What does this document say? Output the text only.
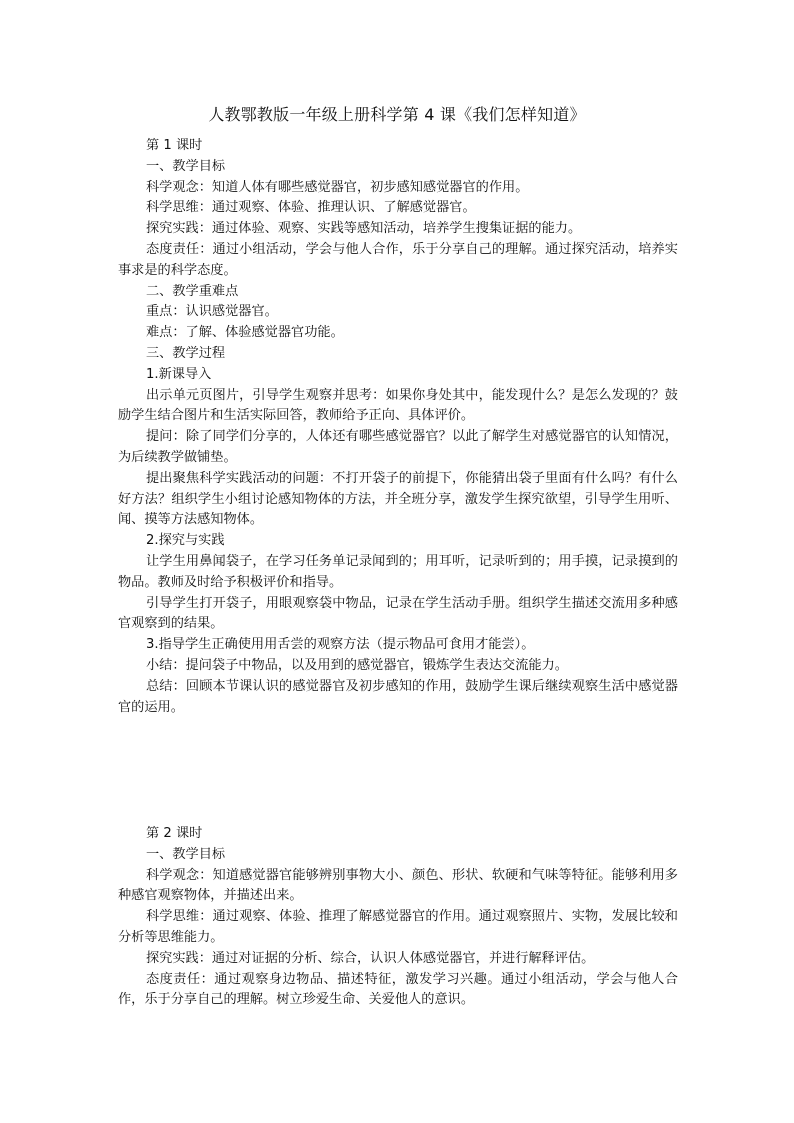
人教鄂教版一年级上册科学第 4 课《我们怎样知道》

第 1 课时

一、教学目标

科学观念：知道人体有哪些感觉器官，初步感知感觉器官的作用。

科学思维：通过观察、体验、推理认识、了解感觉器官。

探究实践：通过体验、观察、实践等感知活动，培养学生搜集证据的能力。

态度责任：通过小组活动，学会与他人合作，乐于分享自己的理解。通过探究活动，培养实事求是的科学态度。

二、教学重难点

重点：认识感觉器官。

难点：了解、体验感觉器官功能。

三、教学过程

1.新课导入

出示单元页图片，引导学生观察并思考：如果你身处其中，能发现什么？是怎么发现的？鼓励学生结合图片和生活实际回答，教师给予正向、具体评价。

提问：除了同学们分享的，人体还有哪些感觉器官？以此了解学生对感觉器官的认知情况，为后续教学做铺垫。

提出聚焦科学实践活动的问题：不打开袋子的前提下，你能猜出袋子里面有什么吗？有什么好方法？组织学生小组讨论感知物体的方法，并全班分享，激发学生探究欲望，引导学生用听、闻、摸等方法感知物体。

2.探究与实践

让学生用鼻闻袋子，在学习任务单记录闻到的；用耳听，记录听到的；用手摸，记录摸到的物品。教师及时给予积极评价和指导。

引导学生打开袋子，用眼观察袋中物品，记录在学生活动手册。组织学生描述交流用多种感官观察到的结果。

3.指导学生正确使用用舌尝的观察方法（提示物品可食用才能尝）。

小结：提问袋子中物品，以及用到的感觉器官，锻炼学生表达交流能力。

总结：回顾本节课认识的感觉器官及初步感知的作用，鼓励学生课后继续观察生活中感觉器官的运用。

第 2 课时

一、教学目标

科学观念：知道感觉器官能够辨别事物大小、颜色、形状、软硬和气味等特征。能够利用多种感官观察物体，并描述出来。

科学思维：通过观察、体验、推理了解感觉器官的作用。通过观察照片、实物，发展比较和分析等思维能力。

探究实践：通过对证据的分析、综合，认识人体感觉器官，并进行解释评估。

态度责任：通过观察身边物品、描述特征，激发学习兴趣。通过小组活动，学会与他人合作，乐于分享自己的理解。树立珍爱生命、关爱他人的意识。
